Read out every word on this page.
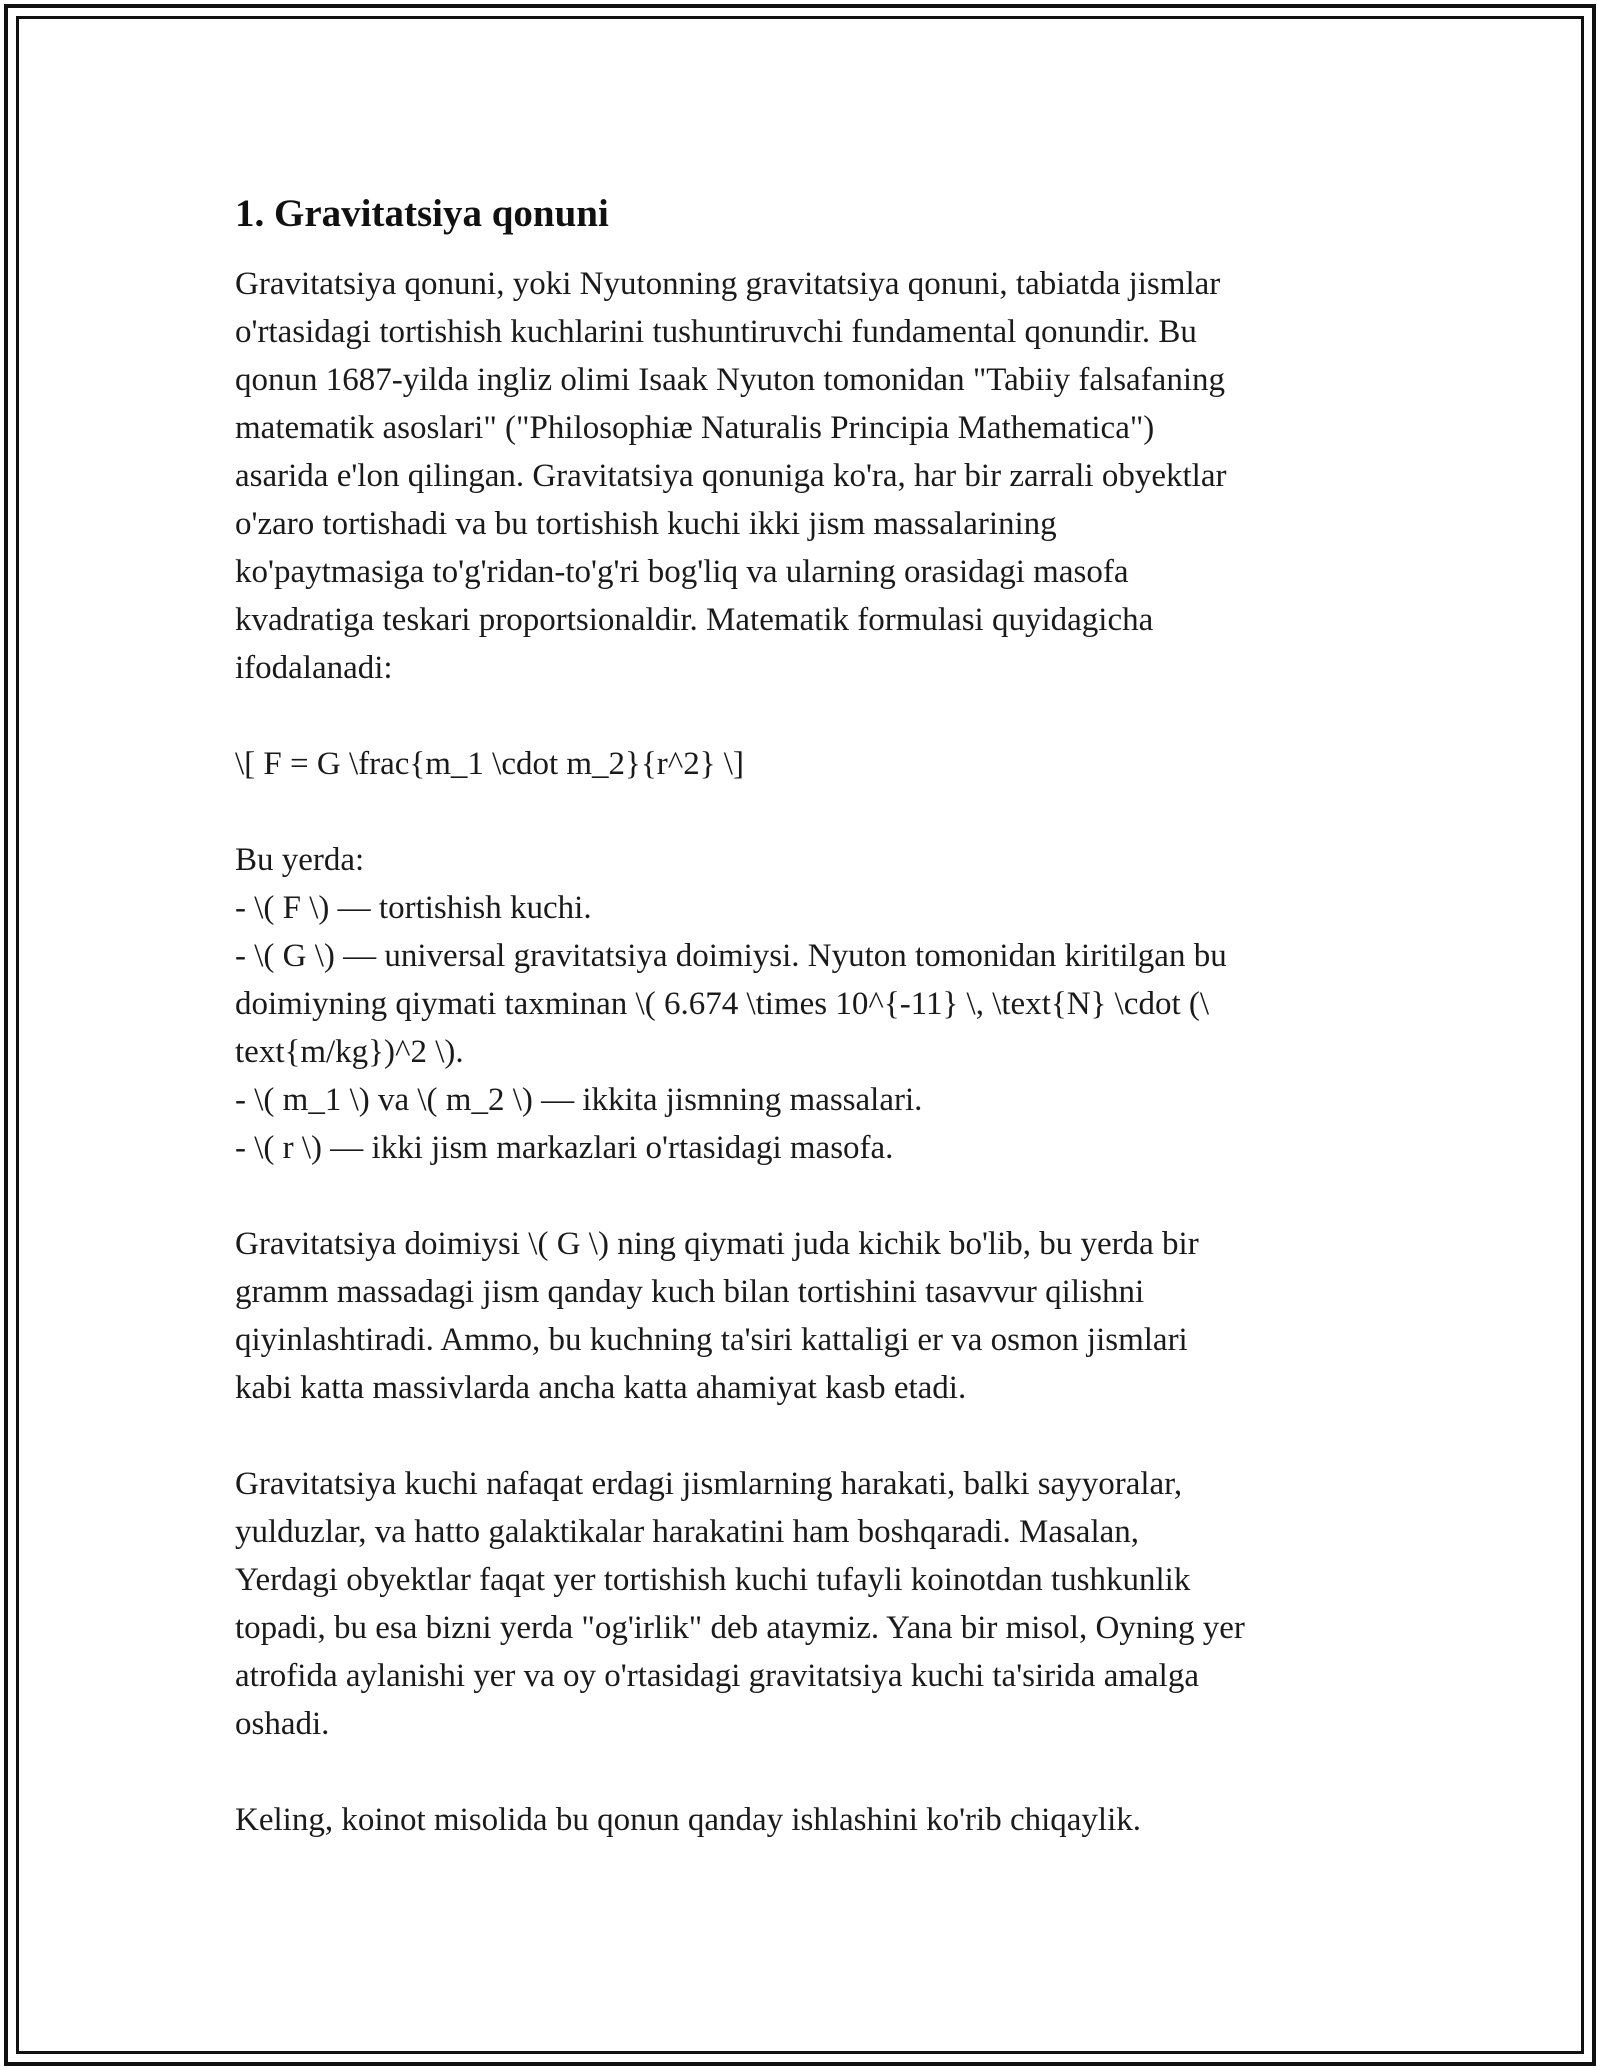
1. Gravitatsiya qonuni
Gravitatsiya qonuni, yoki Nyutonning gravitatsiya qonuni, tabiatda jismlar
o'rtasidagi tortishish kuchlarini tushuntiruvchi fundamental qonundir. Bu
qonun 1687-yilda ingliz olimi Isaak Nyuton tomonidan "Tabiiy falsafaning
matematik asoslari" ("Philosophiæ Naturalis Principia Mathematica")
asarida e'lon qilingan. Gravitatsiya qonuniga ko'ra, har bir zarrali obyektlar
o'zaro tortishadi va bu tortishish kuchi ikki jism massalarining
ko'paytmasiga to'g'ridan-to'g'ri bog'liq va ularning orasidagi masofa
kvadratiga teskari proportsionaldir. Matematik formulasi quyidagicha
ifodalanadi:
\[ F = G \frac{m_1 \cdot m_2}{r^2} \]
Bu yerda:
- \( F \) — tortishish kuchi.
- \( G \) — universal gravitatsiya doimiysi. Nyuton tomonidan kiritilgan bu
doimiyning qiymati taxminan \( 6.674 \times 10^{-11} \, \text{N} \cdot (\
text{m/kg})^2 \).
- \( m_1 \) va \( m_2 \) — ikkita jismning massalari.
- \( r \) — ikki jism markazlari o'rtasidagi masofa.
Gravitatsiya doimiysi \( G \) ning qiymati juda kichik bo'lib, bu yerda bir
gramm massadagi jism qanday kuch bilan tortishini tasavvur qilishni
qiyinlashtiradi. Ammo, bu kuchning ta'siri kattaligi er va osmon jismlari
kabi katta massivlarda ancha katta ahamiyat kasb etadi.
Gravitatsiya kuchi nafaqat erdagi jismlarning harakati, balki sayyoralar,
yulduzlar, va hatto galaktikalar harakatini ham boshqaradi. Masalan,
Yerdagi obyektlar faqat yer tortishish kuchi tufayli koinotdan tushkunlik
topadi, bu esa bizni yerda "og'irlik" deb ataymiz. Yana bir misol, Oyning yer
atrofida aylanishi yer va oy o'rtasidagi gravitatsiya kuchi ta'sirida amalga
oshadi.
Keling, koinot misolida bu qonun qanday ishlashini ko'rib chiqaylik.
